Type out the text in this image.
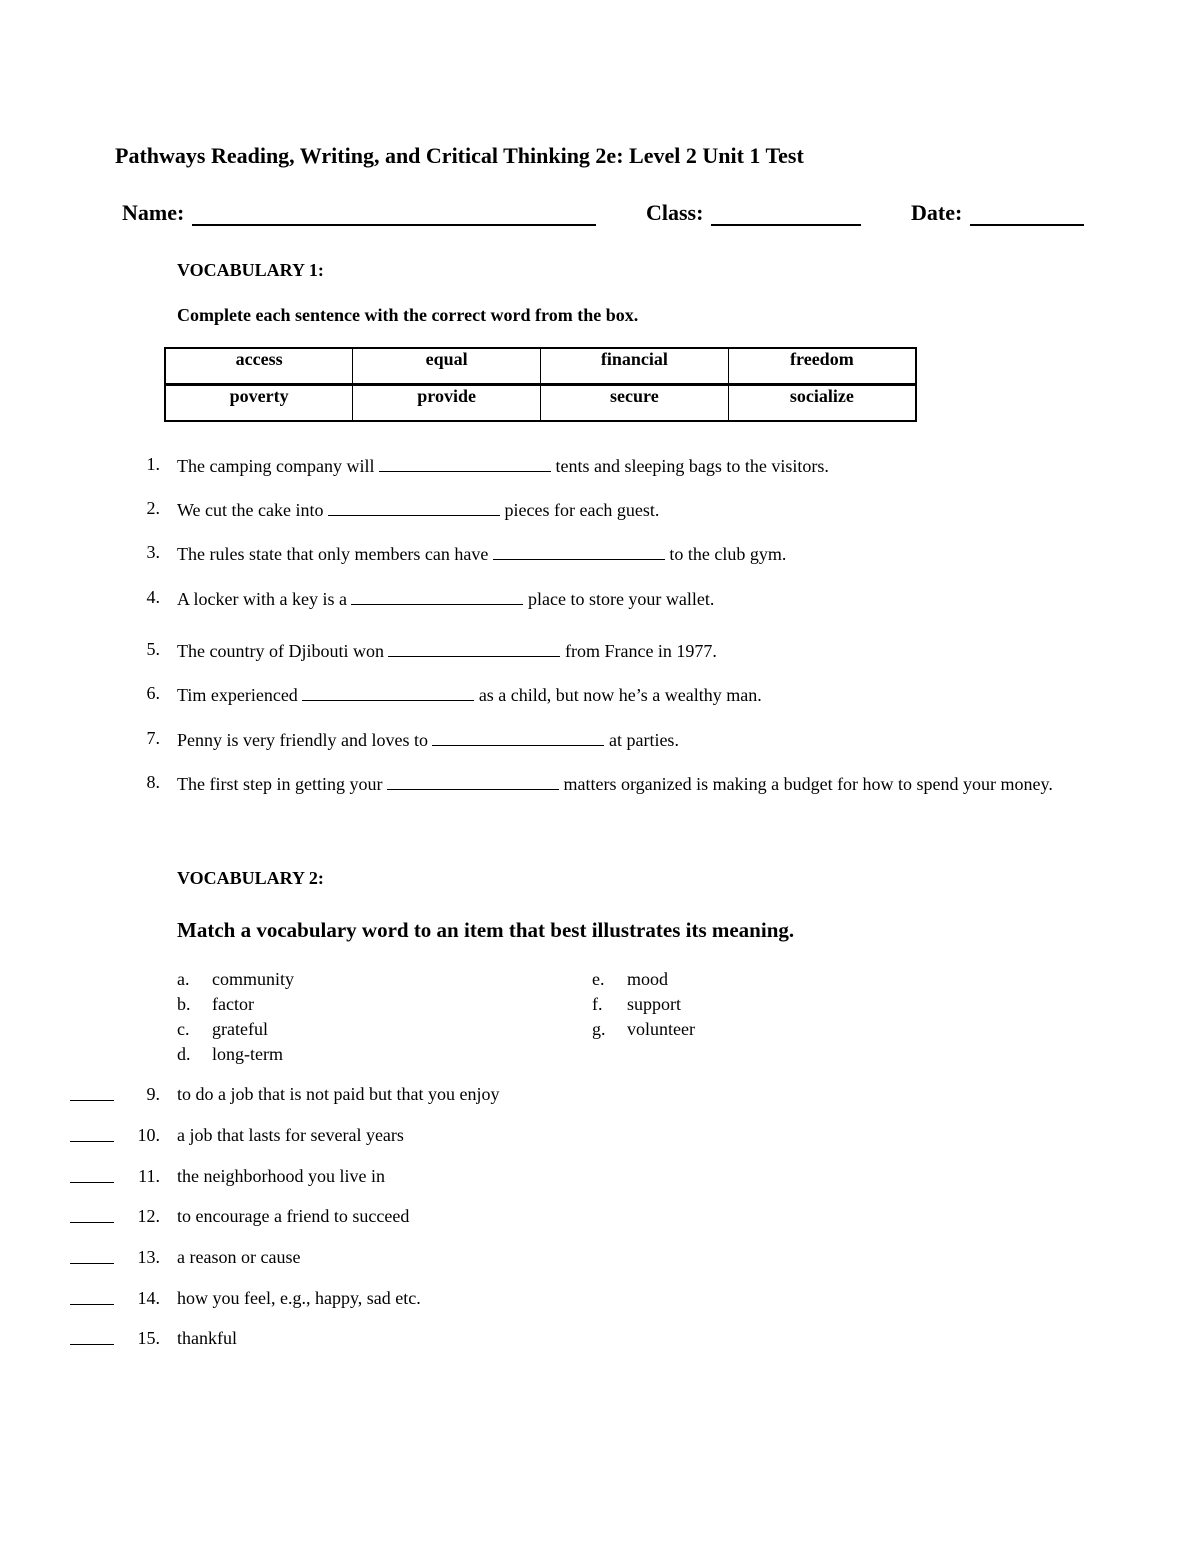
Pathways Reading, Writing, and Critical Thinking 2e: Level 2 Unit 1 Test
Name:	Class:	Date:
VOCABULARY 1:
Complete each sentence with the correct word from the box.
access	equal	financial	freedom
poverty	provide	secure	socialize
1. The camping company will	tents and sleeping bags to the visitors.
2. We cut the cake into	pieces for each guest.
3. The rules state that only members can have	to the club gym.
4. A locker with a key is a	place to store your wallet.
5. The country of Djibouti won	from France in 1977.
6. Tim experienced	as a child, but now he’s a wealthy man.
7. Penny is very friendly and loves to	at parties.
8. The first step in getting your	matters organized is making a budget for how to spend your money.
VOCABULARY 2:
Match a vocabulary word to an item that best illustrates its meaning.
a. community
b. factor
c. grateful
d. long-term
e. mood
f. support
g. volunteer
9. to do a job that is not paid but that you enjoy
10. a job that lasts for several years
11. the neighborhood you live in
12. to encourage a friend to succeed
13. a reason or cause
14. how you feel, e.g., happy, sad etc.
15. thankful
